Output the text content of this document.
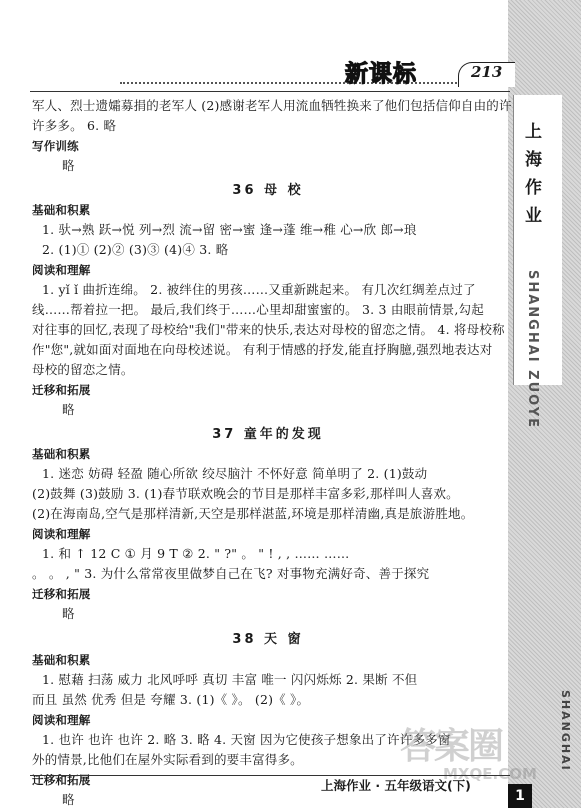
上海作业
SHANGHAI ZUOYE
SHANGHAI
新课标	213
军人、烈士遗孀募捐的老军人 (2)感谢老军人用流血牺牲换来了他们包括信仰自由的许
许多多。 6. 略
写作训练
略
36 母 校
基础和积累
1. 驮→熟 跃→悦 列→烈 流→留 密→蜜 逢→蓬 维→稚 心→欣 郎→琅
2. (1)① (2)② (3)③ (4)④ 3. 略
阅读和理解
1. yǐ ǐ 曲折连绵。 2. 被绊住的男孩……又重新跳起来。 有几次红绸差点过了
线……帮着拉一把。 最后,我们终于……心里却甜蜜蜜的。 3. 3 由眼前情景,勾起
对往事的回忆,表现了母校给"我们"带来的快乐,表达对母校的留恋之情。 4. 将母校称
作"您",就如面对面地在向母校述说。 有利于情感的抒发,能直抒胸臆,强烈地表达对
母校的留恋之情。
迁移和拓展
略
37 童年的发现
基础和积累
1. 迷恋 妨碍 轻盈 随心所欲 绞尽脑汁 不怀好意 简单明了 2. (1)鼓动
(2)鼓舞 (3)鼓励 3. (1)春节联欢晚会的节目是那样丰富多彩,那样叫人喜欢。
(2)在海南岛,空气是那样清新,天空是那样湛蓝,环境是那样清幽,真是旅游胜地。
阅读和理解
1. 和 ↑ 12 C ① 月 9 T ② 2. " ?" 。 " ! , , …… ……
。 。 , " 3. 为什么常常夜里做梦自己在飞? 对事物充满好奇、善于探究
迁移和拓展
略
38 天 窗
基础和积累
1. 慰藉 扫荡 威力 北风呼呼 真切 丰富 唯一 闪闪烁烁 2. 果断 不但
而且 虽然 优秀 但是 夸耀 3. (1)《 》。 (2)《 》。
阅读和理解
1. 也许 也许 也许 2. 略 3. 略 4. 天窗 因为它使孩子想象出了许许多多窗
外的情景,比他们在屋外实际看到的要丰富得多。
迁移和拓展
略
答案圈
MXQE.COM
上海作业 · 五年级语文(下)
1
